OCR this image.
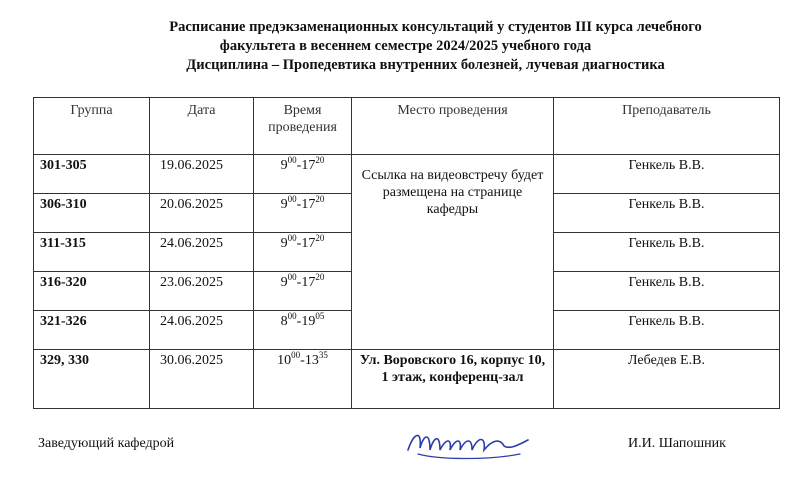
Расписание предэкзаменационных консультаций у студентов III курса лечебного
факультета в весеннем семестре 2024/2025 учебного года
Дисциплина – Пропедевтика внутренних болезней, лучевая диагностика
Группа	Дата	Время проведения	Место проведения	Преподаватель
301-305	19.06.2025	$9^{00}-17^{20}$	Ссылка на видеовстречу будет размещена на странице кафедры	Генкель В.В.
306-310	20.06.2025	$9^{00}-17^{20}$		Генкель В.В.
311-315	24.06.2025	$9^{00}-17^{20}$		Генкель В.В.
316-320	23.06.2025	$9^{00}-17^{20}$		Генкель В.В.
321-326	24.06.2025	$8^{00}-19^{05}$		Генкель В.В.
329, 330	30.06.2025	$10^{00}-13^{35}$	Ул. Воровского 16, корпус 10, 1 этаж, конференц-зал	Лебедев Е.В.
Заведующий кафедрой	И.И. Шапошник
